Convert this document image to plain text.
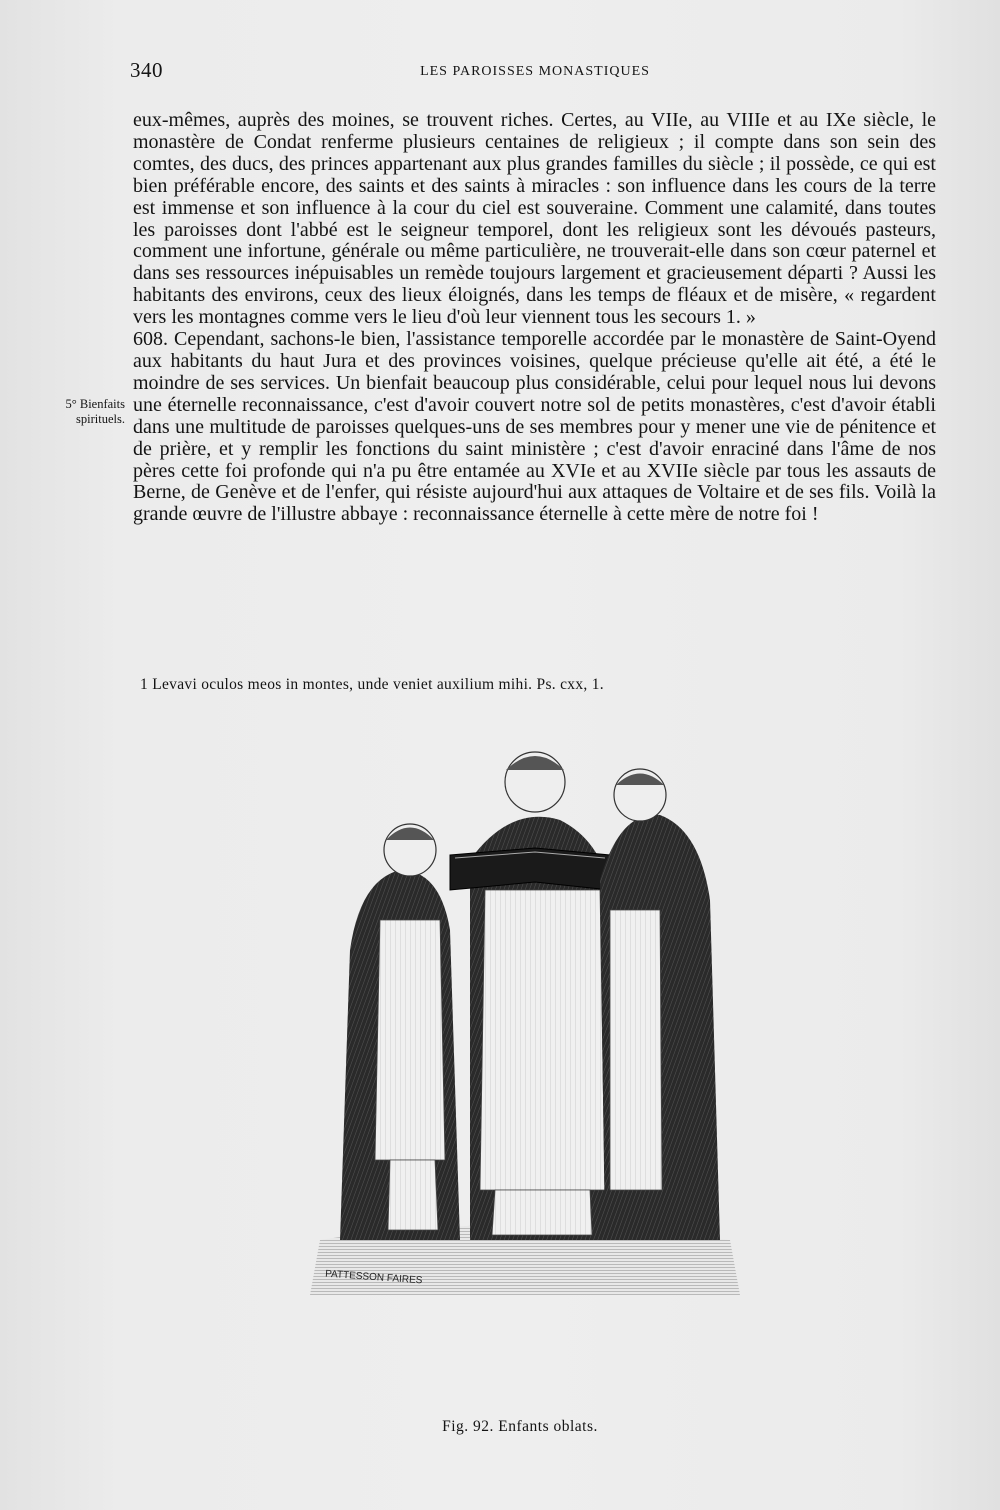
340	LES PAROISSES MONASTIQUES
5° Bienfaits spirituels.

eux-mêmes, auprès des moines, se trouvent riches. Certes, au VIIe, au VIIIe et au IXe siècle, le monastère de Condat renferme plusieurs centaines de religieux ; il compte dans son sein des comtes, des ducs, des princes appartenant aux plus grandes familles du siècle ; il possède, ce qui est bien préférable encore, des saints et des saints à miracles : son influence dans les cours de la terre est immense et son influence à la cour du ciel est souveraine. Comment une calamité, dans toutes les paroisses dont l'abbé est le seigneur temporel, dont les religieux sont les dévoués pasteurs, comment une infortune, générale ou même particulière, ne trouverait-elle dans son cœur paternel et dans ses ressources inépuisables un remède toujours largement et gracieusement départi ? Aussi les habitants des environs, ceux des lieux éloignés, dans les temps de fléaux et de misère, « regardent vers les montagnes comme vers le lieu d'où leur viennent tous les secours 1. »

608. Cependant, sachons-le bien, l'assistance temporelle accordée par le monastère de Saint-Oyend aux habitants du haut Jura et des provinces voisines, quelque précieuse qu'elle ait été, a été le moindre de ses services. Un bienfait beaucoup plus considérable, celui pour lequel nous lui devons une éternelle reconnaissance, c'est d'avoir couvert notre sol de petits monastères, c'est d'avoir établi dans une multitude de paroisses quelques-uns de ses membres pour y mener une vie de pénitence et de prière, et y remplir les fonctions du saint ministère ; c'est d'avoir enraciné dans l'âme de nos pères cette foi profonde qui n'a pu être entamée au XVIe et au XVIIe siècle par tous les assauts de Berne, de Genève et de l'enfer, qui résiste aujourd'hui aux attaques de Voltaire et de ses fils. Voilà la grande œuvre de l'illustre abbaye : reconnaissance éternelle à cette mère de notre foi !

1 Levavi oculos meos in montes, unde veniet auxilium mihi. Ps. cxx, 1.
PATTESSON FAIRES
Fig. 92. Enfants oblats.
